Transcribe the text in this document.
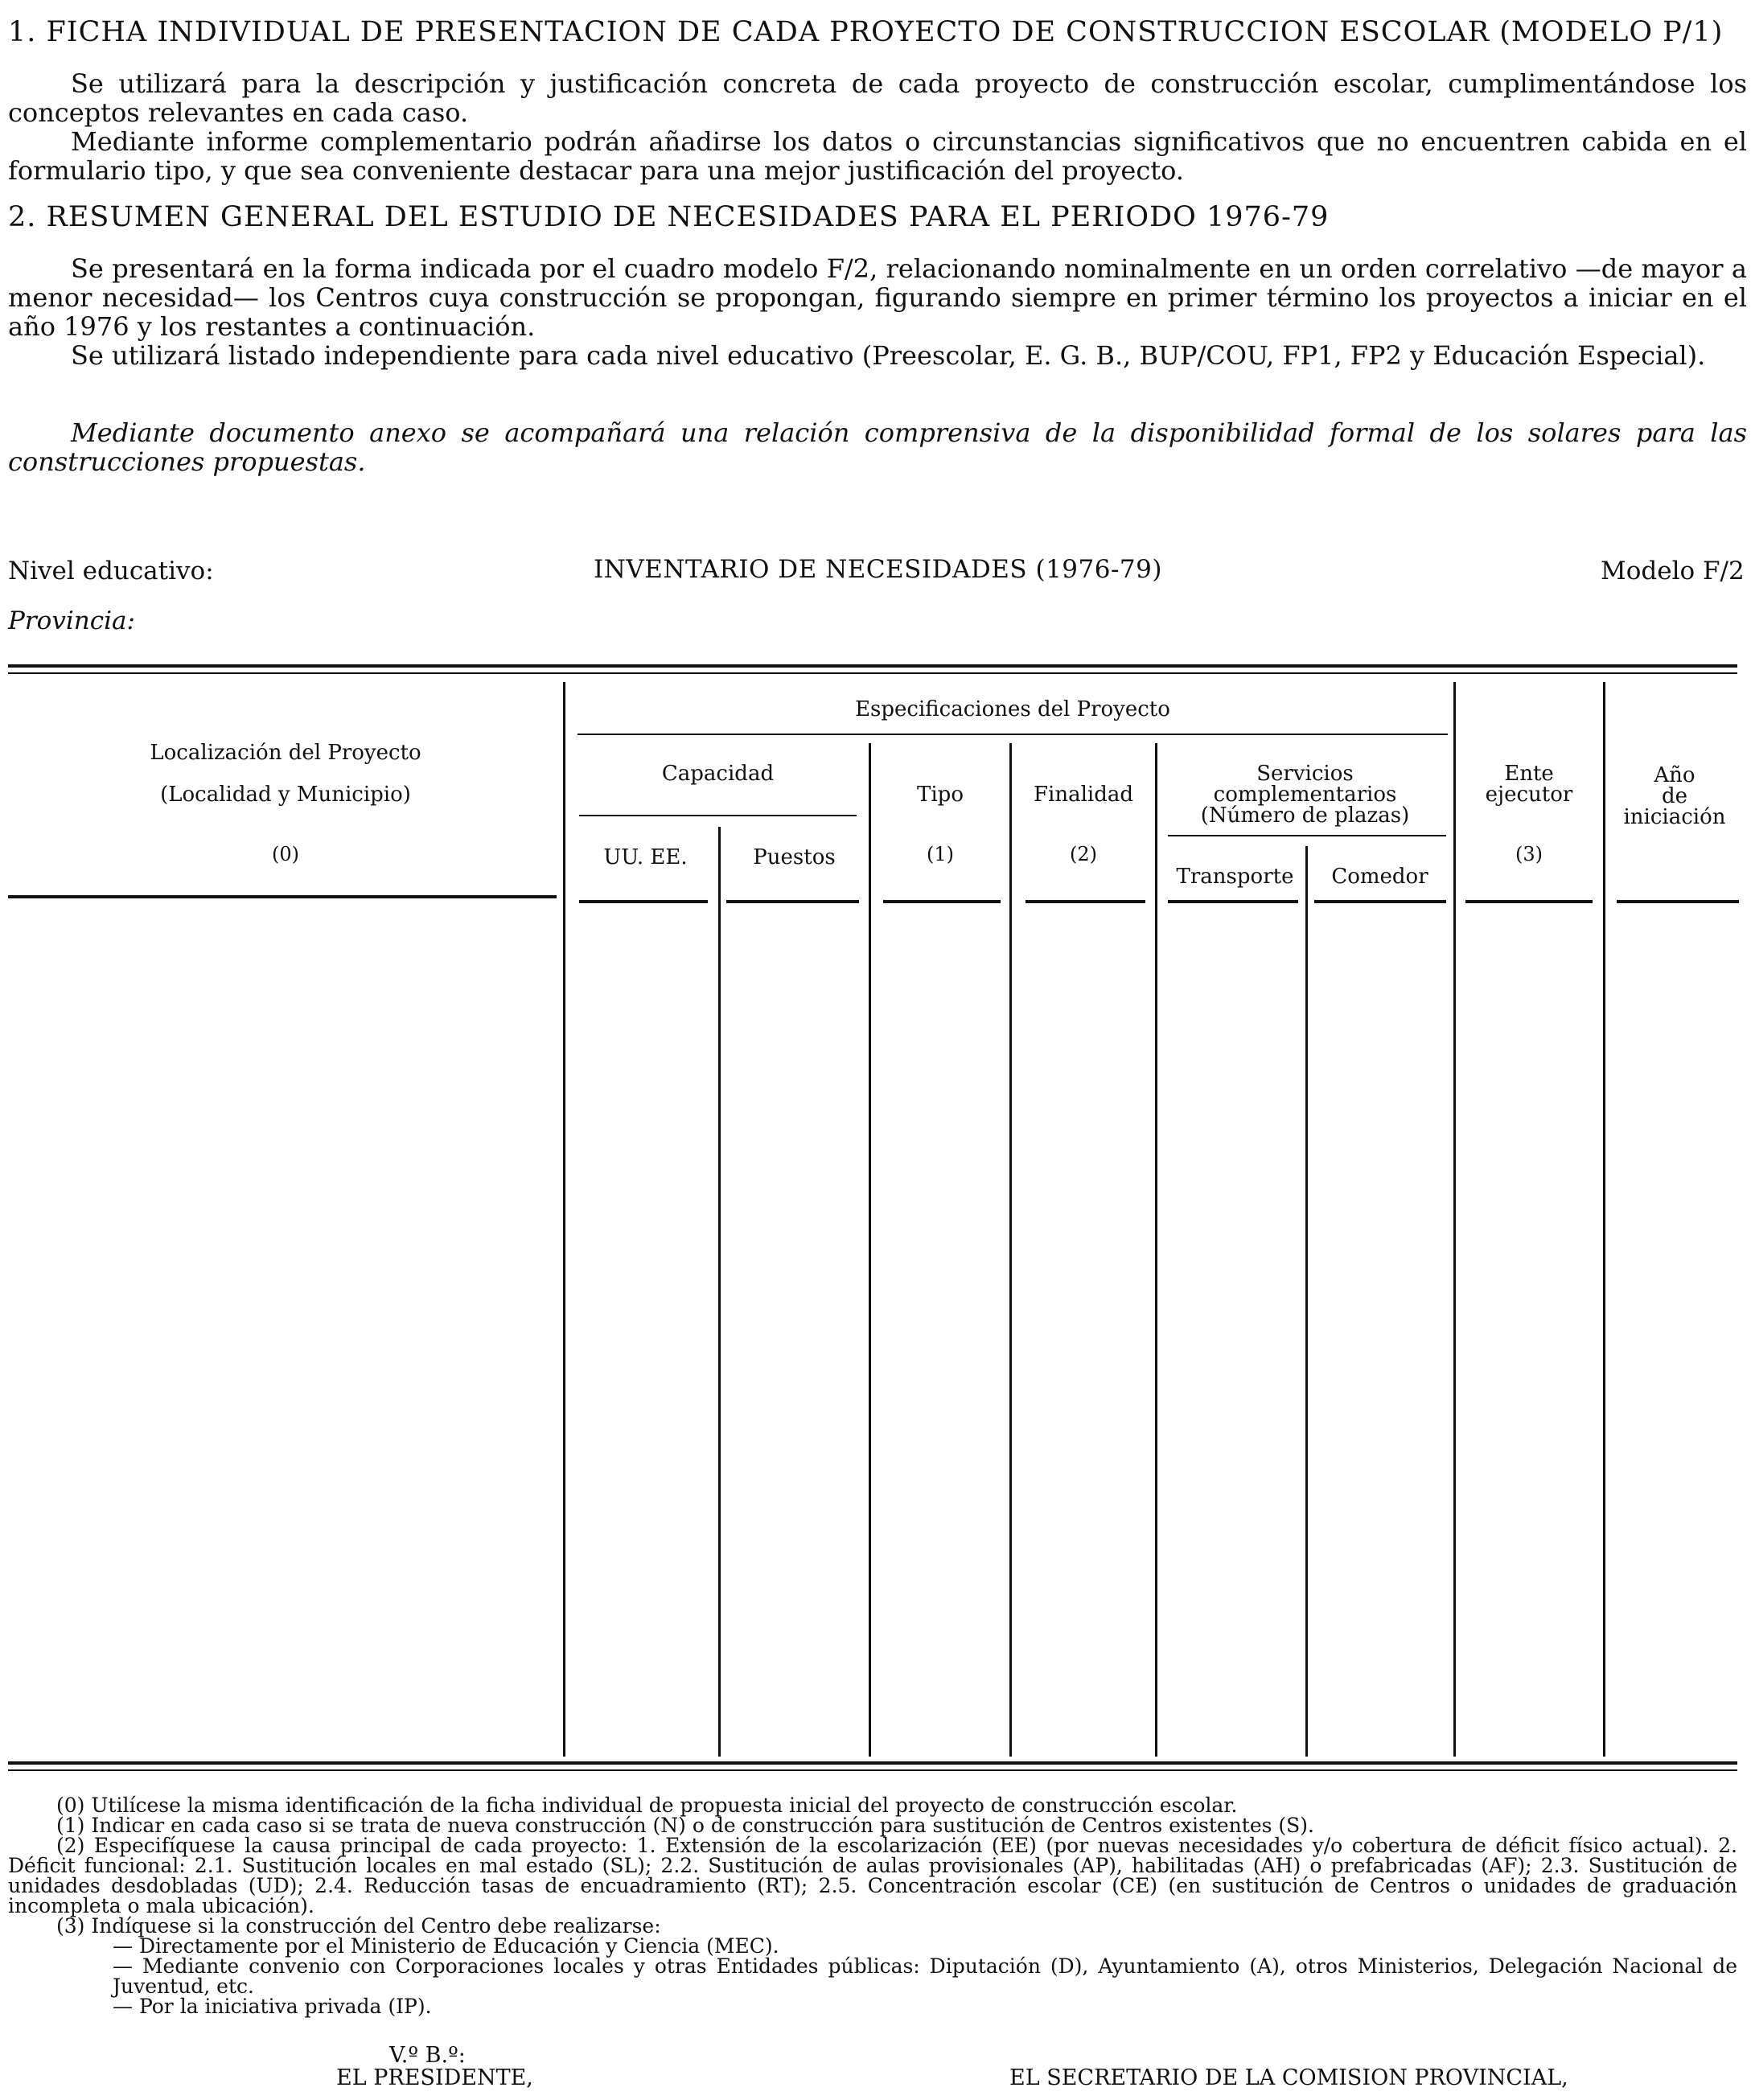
1. FICHA INDIVIDUAL DE PRESENTACION DE CADA PROYECTO DE CONSTRUCCION ESCOLAR (MODELO P/1)
Se utilizará para la descripción y justificación concreta de cada proyecto de construcción escolar, cumplimentándose los conceptos relevantes en cada caso.
Mediante informe complementario podrán añadirse los datos o circunstancias significativos que no encuentren cabida en el formulario tipo, y que sea conveniente destacar para una mejor justificación del proyecto.
2. RESUMEN GENERAL DEL ESTUDIO DE NECESIDADES PARA EL PERIODO 1976-79
Se presentará en la forma indicada por el cuadro modelo F/2, relacionando nominalmente en un orden correlativo —de mayor a menor necesidad— los Centros cuya construcción se propongan, figurando siempre en primer término los proyectos a iniciar en el año 1976 y los restantes a continuación.
Se utilizará listado independiente para cada nivel educativo (Preescolar, E. G. B., BUP/COU, FP1, FP2 y Educación Especial).
Mediante documento anexo se acompañará una relación comprensiva de la disponibilidad formal de los solares para las construcciones propuestas.
Nivel educativo:	INVENTARIO DE NECESIDADES (1976-79)	Modelo F/2
Provincia:
Localización del Proyecto
(Localidad y Municipio)
(0)
Especificaciones del Proyecto
Capacidad
UU. EE.	Puestos
Tipo
(1)
Finalidad
(2)
Servicios
complementarios
(Número de plazas)
Transporte	Comedor
Ente
ejecutor
(3)
Año
de
iniciación
(0) Utilícese la misma identificación de la ficha individual de propuesta inicial del proyecto de construcción escolar.
(1) Indicar en cada caso si se trata de nueva construcción (N) o de construcción para sustitución de Centros existentes (S).
(2) Especifíquese la causa principal de cada proyecto: 1. Extensión de la escolarización (EE) (por nuevas necesidades y/o cobertura de déficit físico actual). 2. Déficit funcional: 2.1. Sustitución locales en mal estado (SL); 2.2. Sustitución de aulas provisionales (AP), habilitadas (AH) o prefabricadas (AF); 2.3. Sustitución de unidades desdobladas (UD); 2.4. Reducción tasas de encuadramiento (RT); 2.5. Concentración escolar (CE) (en sustitución de Centros o unidades de graduación incompleta o mala ubicación).
(3) Indíquese si la construcción del Centro debe realizarse:
— Directamente por el Ministerio de Educación y Ciencia (MEC).
— Mediante convenio con Corporaciones locales y otras Entidades públicas: Diputación (D), Ayuntamiento (A), otros Ministerios, Delegación Nacional de Juventud, etc.
— Por la iniciativa privada (IP).
V.º B.º:
EL PRESIDENTE,	EL SECRETARIO DE LA COMISION PROVINCIAL,
